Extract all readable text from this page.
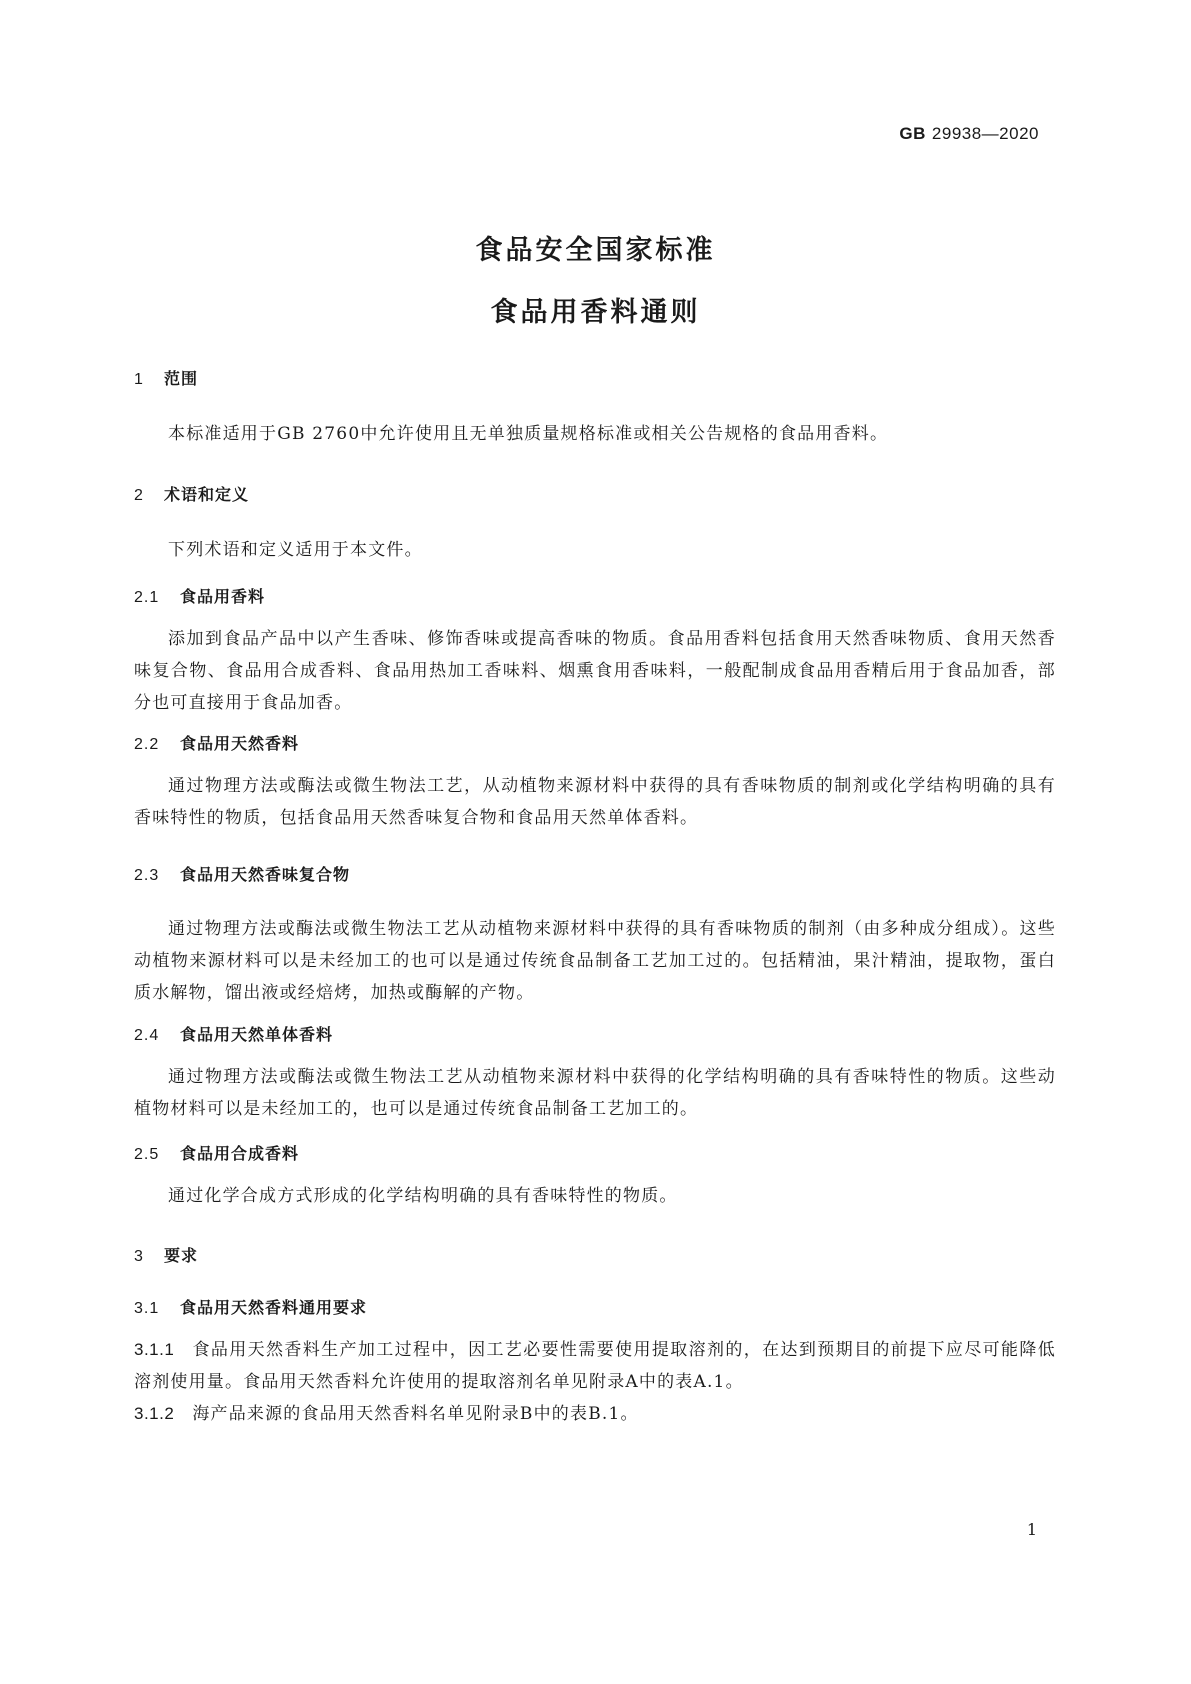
GB 29938—2020
食品安全国家标准
食品用香料通则
1 范围
本标准适用于GB 2760中允许使用且无单独质量规格标准或相关公告规格的食品用香料。
2 术语和定义
下列术语和定义适用于本文件。
2.1 食品用香料
添加到食品产品中以产生香味、修饰香味或提高香味的物质。食品用香料包括食用天然香味物质、食用天然香味复合物、食品用合成香料、食品用热加工香味料、烟熏食用香味料，一般配制成食品用香精后用于食品加香，部分也可直接用于食品加香。
2.2 食品用天然香料
通过物理方法或酶法或微生物法工艺，从动植物来源材料中获得的具有香味物质的制剂或化学结构明确的具有香味特性的物质，包括食品用天然香味复合物和食品用天然单体香料。
2.3 食品用天然香味复合物
通过物理方法或酶法或微生物法工艺从动植物来源材料中获得的具有香味物质的制剂（由多种成分组成）。这些动植物来源材料可以是未经加工的也可以是通过传统食品制备工艺加工过的。包括精油，果汁精油，提取物，蛋白质水解物，馏出液或经焙烤，加热或酶解的产物。
2.4 食品用天然单体香料
通过物理方法或酶法或微生物法工艺从动植物来源材料中获得的化学结构明确的具有香味特性的物质。这些动植物材料可以是未经加工的，也可以是通过传统食品制备工艺加工的。
2.5 食品用合成香料
通过化学合成方式形成的化学结构明确的具有香味特性的物质。
3 要求
3.1 食品用天然香料通用要求
3.1.1 食品用天然香料生产加工过程中，因工艺必要性需要使用提取溶剂的，在达到预期目的前提下应尽可能降低溶剂使用量。食品用天然香料允许使用的提取溶剂名单见附录A中的表A.1。
3.1.2 海产品来源的食品用天然香料名单见附录B中的表B.1。
1
